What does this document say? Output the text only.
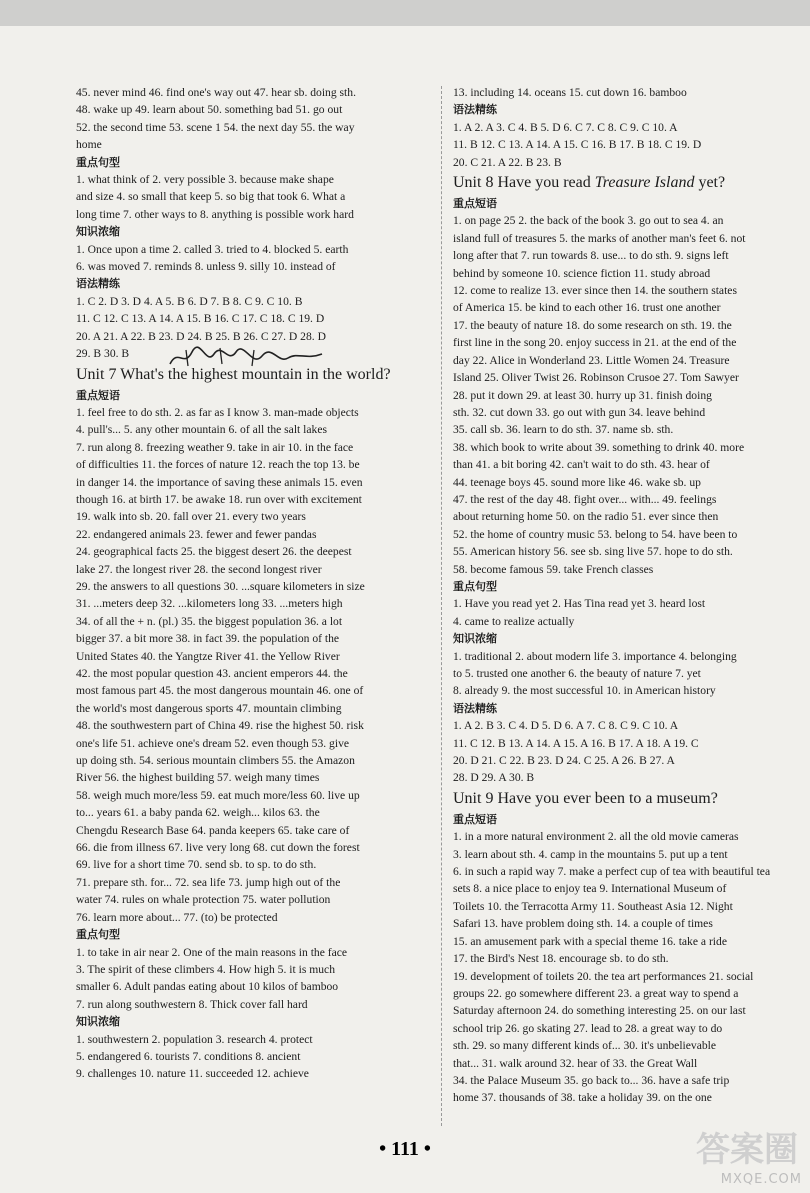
45. never mind 46. find one's way out 47. hear sb. doing sth.
48. wake up 49. learn about 50. something bad 51. go out
52. the second time 53. scene 1 54. the next day 55. the way
home
重点句型
1. what think of 2. very possible 3. because make shape
and size 4. so small that keep 5. so big that took 6. What a
long time 7. other ways to 8. anything is possible work hard
知识浓缩
1. Once upon a time 2. called 3. tried to 4. blocked 5. earth
6. was moved 7. reminds 8. unless 9. silly 10. instead of
语法精练
1. C 2. D 3. D 4. A 5. B 6. D 7. B 8. C 9. C 10. B
11. C 12. C 13. A 14. A 15. B 16. C 17. C 18. C 19. D
20. A 21. A 22. B 23. D 24. B 25. B 26. C 27. D 28. D
29. B 30. B
Unit 7 What's the highest mountain in the world?
重点短语
1. feel free to do sth. 2. as far as I know 3. man-made objects
4. pull's... 5. any other mountain 6. of all the salt lakes
7. run along 8. freezing weather 9. take in air 10. in the face
of difficulties 11. the forces of nature 12. reach the top 13. be
in danger 14. the importance of saving these animals 15. even
though 16. at birth 17. be awake 18. run over with excitement
19. walk into sb. 20. fall over 21. every two years
22. endangered animals 23. fewer and fewer pandas
24. geographical facts 25. the biggest desert 26. the deepest
lake 27. the longest river 28. the second longest river
29. the answers to all questions 30. ...square kilometers in size
31. ...meters deep 32. ...kilometers long 33. ...meters high
34. of all the + n. (pl.) 35. the biggest population 36. a lot
bigger 37. a bit more 38. in fact 39. the population of the
United States 40. the Yangtze River 41. the Yellow River
42. the most popular question 43. ancient emperors 44. the
most famous part 45. the most dangerous mountain 46. one of
the world's most dangerous sports 47. mountain climbing
48. the southwestern part of China 49. rise the highest 50. risk
one's life 51. achieve one's dream 52. even though 53. give
up doing sth. 54. serious mountain climbers 55. the Amazon
River 56. the highest building 57. weigh many times
58. weigh much more/less 59. eat much more/less 60. live up
to... years 61. a baby panda 62. weigh... kilos 63. the
Chengdu Research Base 64. panda keepers 65. take care of
66. die from illness 67. live very long 68. cut down the forest
69. live for a short time 70. send sb. to sp. to do sth.
71. prepare sth. for... 72. sea life 73. jump high out of the
water 74. rules on whale protection 75. water pollution
76. learn more about... 77. (to) be protected
重点句型
1. to take in air near 2. One of the main reasons in the face
3. The spirit of these climbers 4. How high 5. it is much
smaller 6. Adult pandas eating about 10 kilos of bamboo
7. run along southwestern 8. Thick cover fall hard
知识浓缩
1. southwestern 2. population 3. research 4. protect
5. endangered 6. tourists 7. conditions 8. ancient
9. challenges 10. nature 11. succeeded 12. achieve
13. including 14. oceans 15. cut down 16. bamboo
语法精练
1. A 2. A 3. C 4. B 5. D 6. C 7. C 8. C 9. C 10. A
11. B 12. C 13. A 14. A 15. C 16. B 17. B 18. C 19. D
20. C 21. A 22. B 23. B
Unit 8 Have you read Treasure Island yet?
重点短语
1. on page 25 2. the back of the book 3. go out to sea 4. an
island full of treasures 5. the marks of another man's feet 6. not
long after that 7. run towards 8. use... to do sth. 9. signs left
behind by someone 10. science fiction 11. study abroad
12. come to realize 13. ever since then 14. the southern states
of America 15. be kind to each other 16. trust one another
17. the beauty of nature 18. do some research on sth. 19. the
first line in the song 20. enjoy success in 21. at the end of the
day 22. Alice in Wonderland 23. Little Women 24. Treasure
Island 25. Oliver Twist 26. Robinson Crusoe 27. Tom Sawyer
28. put it down 29. at least 30. hurry up 31. finish doing
sth. 32. cut down 33. go out with gun 34. leave behind
35. call sb. 36. learn to do sth. 37. name sb. sth.
38. which book to write about 39. something to drink 40. more
than 41. a bit boring 42. can't wait to do sth. 43. hear of
44. teenage boys 45. sound more like 46. wake sb. up
47. the rest of the day 48. fight over... with... 49. feelings
about returning home 50. on the radio 51. ever since then
52. the home of country music 53. belong to 54. have been to
55. American history 56. see sb. sing live 57. hope to do sth.
58. become famous 59. take French classes
重点句型
1. Have you read yet 2. Has Tina read yet 3. heard lost
4. came to realize actually
知识浓缩
1. traditional 2. about modern life 3. importance 4. belonging
to 5. trusted one another 6. the beauty of nature 7. yet
8. already 9. the most successful 10. in American history
语法精练
1. A 2. B 3. C 4. D 5. D 6. A 7. C 8. C 9. C 10. A
11. C 12. B 13. A 14. A 15. A 16. B 17. A 18. A 19. C
20. D 21. C 22. B 23. D 24. C 25. A 26. B 27. A
28. D 29. A 30. B
Unit 9 Have you ever been to a museum?
重点短语
1. in a more natural environment 2. all the old movie cameras
3. learn about sth. 4. camp in the mountains 5. put up a tent
6. in such a rapid way 7. make a perfect cup of tea with beautiful tea
sets 8. a nice place to enjoy tea 9. International Museum of
Toilets 10. the Terracotta Army 11. Southeast Asia 12. Night
Safari 13. have problem doing sth. 14. a couple of times
15. an amusement park with a special theme 16. take a ride
17. the Bird's Nest 18. encourage sb. to do sth.
19. development of toilets 20. the tea art performances 21. social
groups 22. go somewhere different 23. a great way to spend a
Saturday afternoon 24. do something interesting 25. on our last
school trip 26. go skating 27. lead to 28. a great way to do
sth. 29. so many different kinds of... 30. it's unbelievable
that... 31. walk around 32. hear of 33. the Great Wall
34. the Palace Museum 35. go back to... 36. have a safe trip
home 37. thousands of 38. take a holiday 39. on the one
• 111 •	答案圈
MXQE.COM
